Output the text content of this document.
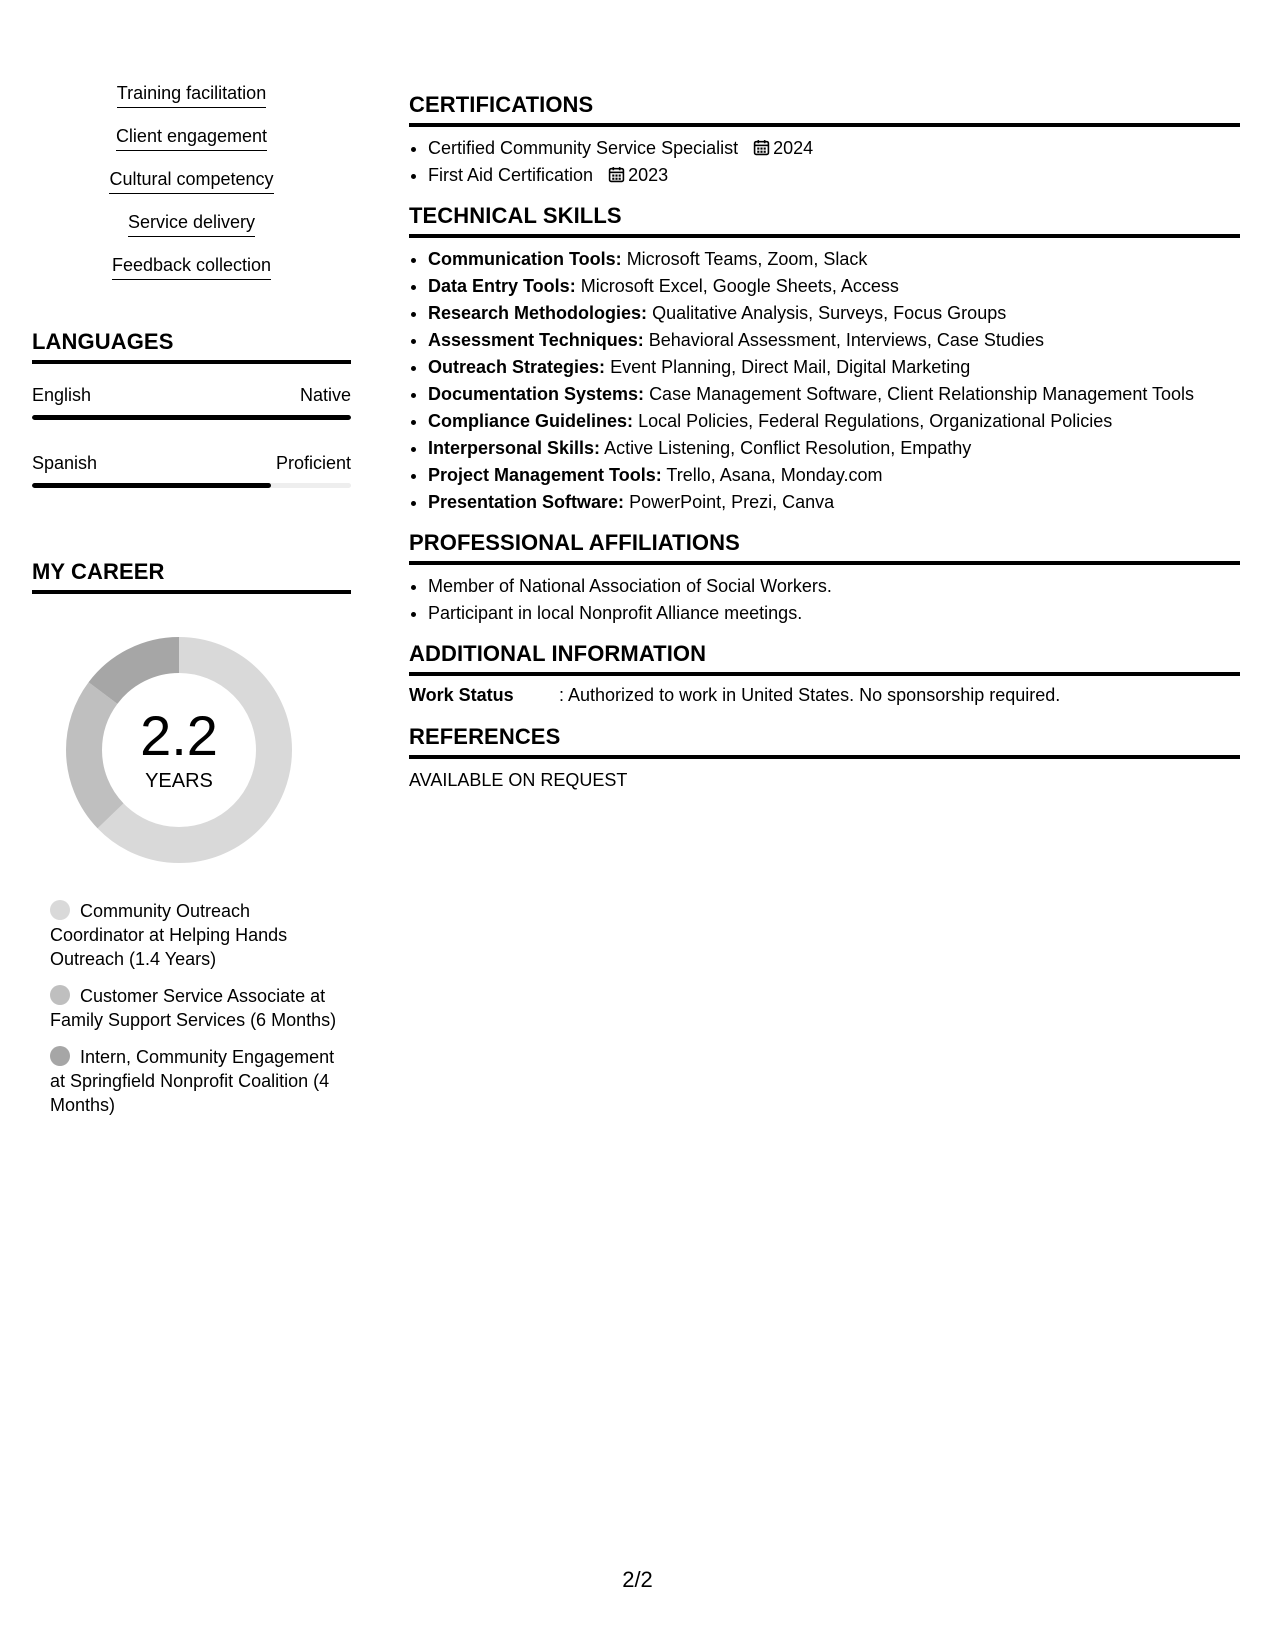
Training facilitation
Client engagement
Cultural competency
Service delivery
Feedback collection
LANGUAGES
English	Native
Spanish	Proficient
MY CAREER
2.2
YEARS
Community Outreach Coordinator at Helping Hands Outreach (1.4 Years)
Customer Service Associate at Family Support Services (6 Months)
Intern, Community Engagement at Springfield Nonprofit Coalition (4 Months)
CERTIFICATIONS
• Certified Community Service Specialist 2024
• First Aid Certification 2023
TECHNICAL SKILLS
• Communication Tools: Microsoft Teams, Zoom, Slack
• Data Entry Tools: Microsoft Excel, Google Sheets, Access
• Research Methodologies: Qualitative Analysis, Surveys, Focus Groups
• Assessment Techniques: Behavioral Assessment, Interviews, Case Studies
• Outreach Strategies: Event Planning, Direct Mail, Digital Marketing
• Documentation Systems: Case Management Software, Client Relationship Management Tools
• Compliance Guidelines: Local Policies, Federal Regulations, Organizational Policies
• Interpersonal Skills: Active Listening, Conflict Resolution, Empathy
• Project Management Tools: Trello, Asana, Monday.com
• Presentation Software: PowerPoint, Prezi, Canva
PROFESSIONAL AFFILIATIONS
• Member of National Association of Social Workers.
• Participant in local Nonprofit Alliance meetings.
ADDITIONAL INFORMATION
Work Status	: Authorized to work in United States. No sponsorship required.
REFERENCES
AVAILABLE ON REQUEST
2/2
